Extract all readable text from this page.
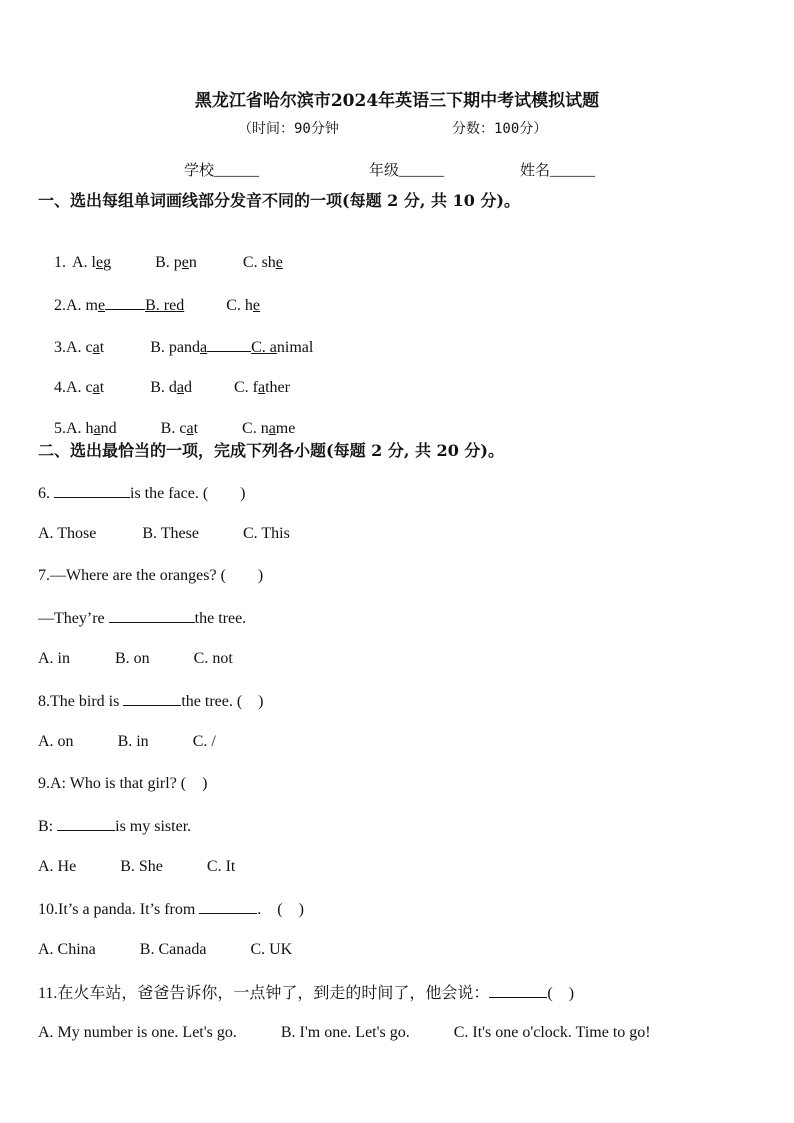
黑龙江省哈尔滨市2024年英语三下期中考试模拟试题
（时间：90分钟	分数：100分）
学校______	年级______	姓名______
一、选出每组单词画线部分发音不同的一项(每题 2 分, 共 10 分)。

1. A. leg	B. pen	C. she

2.A. me	B. red	C. he

3.A. cat	B. panda	C. animal

4.A. cat	B. dad	C. father

5.A. hand	B. cat	C. name

二、选出最恰当的一项，完成下列各小题(每题 2 分, 共 20 分)。
6.	is the face. (　　)
A. Those	B. These	C. This
7.—Where are the oranges? (　　)
—They’re	the tree.
A. in	B. on	C. not
8.The bird is	the tree. (　)
A. on	B. in	C. /
9.A: Who is that girl? (　)
B:	is my sister.
A. He	B. She	C. It
10.It’s a panda. It’s from	.　(　)
A. China	B. Canada	C. UK
11.在火车站，爸爸告诉你，一点钟了，到走的时间了，他会说：	(　)
A. My number is one. Let's go.	B. I'm one. Let's go.	C. It's one o'clock. Time to go!
